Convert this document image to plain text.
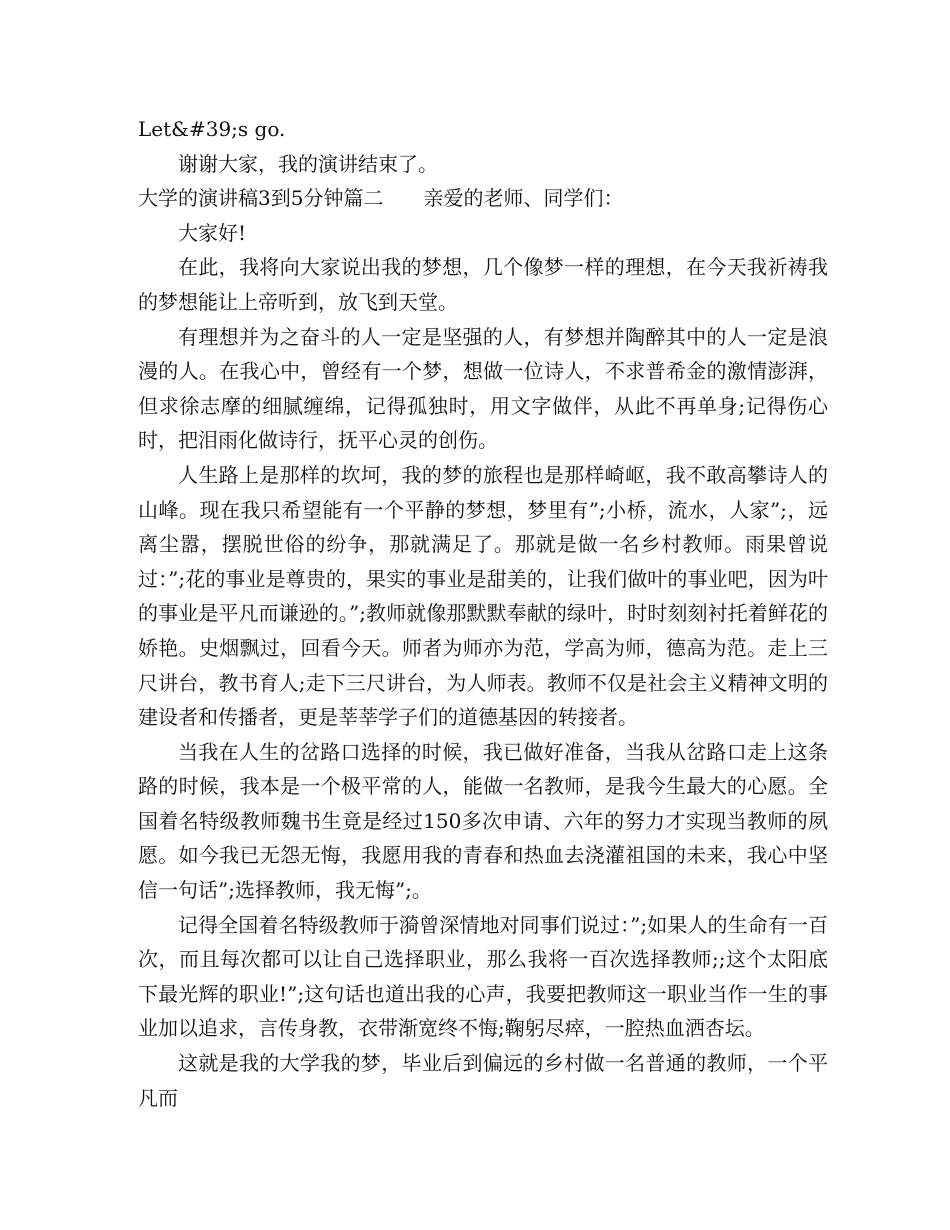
Let&#39;s go.

谢谢大家，我的演讲结束了。

大学的演讲稿3到5分钟篇二　　亲爱的老师、同学们：

大家好!

在此，我将向大家说出我的梦想，几个像梦一样的理想，在今天我祈祷我的梦想能让上帝听到，放飞到天堂。

有理想并为之奋斗的人一定是坚强的人，有梦想并陶醉其中的人一定是浪漫的人。在我心中，曾经有一个梦，想做一位诗人，不求普希金的激情澎湃，但求徐志摩的细腻缠绵，记得孤独时，用文字做伴，从此不再单身;记得伤心时，把泪雨化做诗行，抚平心灵的创伤。

人生路上是那样的坎坷，我的梦的旅程也是那样崎岖，我不敢高攀诗人的山峰。现在我只希望能有一个平静的梦想，梦里有”;小桥，流水，人家”;，远离尘嚣，摆脱世俗的纷争，那就满足了。那就是做一名乡村教师。雨果曾说过：”;花的事业是尊贵的，果实的事业是甜美的，让我们做叶的事业吧，因为叶的事业是平凡而谦逊的。”;教师就像那默默奉献的绿叶，时时刻刻衬托着鲜花的娇艳。史烟飘过，回看今天。师者为师亦为范，学高为师，德高为范。走上三尺讲台，教书育人;走下三尺讲台，为人师表。教师不仅是社会主义精神文明的建设者和传播者，更是莘莘学子们的道德基因的转接者。

当我在人生的岔路口选择的时候，我已做好准备，当我从岔路口走上这条路的时候，我本是一个极平常的人，能做一名教师，是我今生最大的心愿。全国着名特级教师魏书生竟是经过150多次申请、六年的努力才实现当教师的夙愿。如今我已无怨无悔，我愿用我的青春和热血去浇灌祖国的未来，我心中坚信一句话”;选择教师，我无悔”;。

记得全国着名特级教师于漪曾深情地对同事们说过：”;如果人的生命有一百次，而且每次都可以让自己选择职业，那么我将一百次选择教师;;这个太阳底下最光辉的职业!”;这句话也道出我的心声，我要把教师这一职业当作一生的事业加以追求，言传身教，衣带渐宽终不悔;鞠躬尽瘁，一腔热血洒杏坛。

这就是我的大学我的梦，毕业后到偏远的乡村做一名普通的教师，一个平凡而
